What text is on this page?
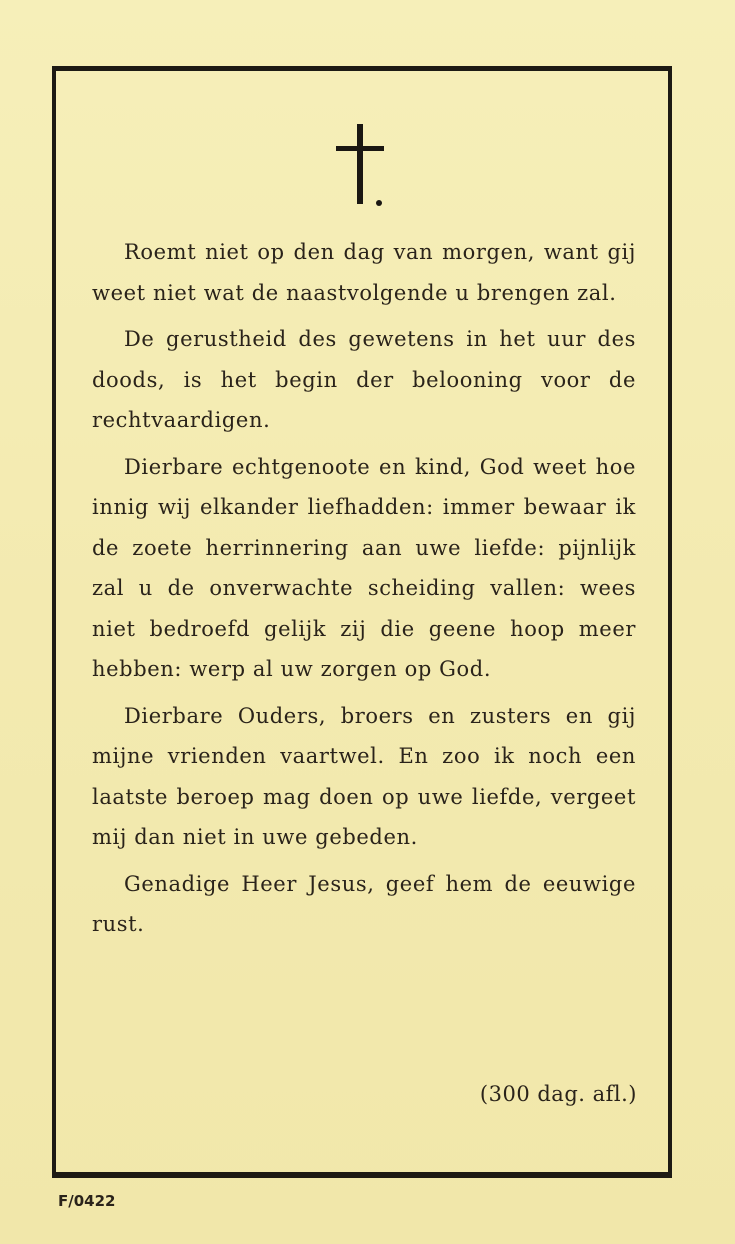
Roemt niet op den dag van morgen, want gij weet niet wat de naastvolgende u brengen zal.

De gerustheid des gewetens in het uur des doods, is het begin der belooning voor de rechtvaardigen.

Dierbare echtgenoote en kind, God weet hoe innig wij elkander liefhadden: immer bewaar ik de zoete herrinnering aan uwe liefde: pijnlijk zal u de onverwachte scheiding vallen: wees niet bedroefd gelijk zij die geene hoop meer hebben: werp al uw zorgen op God.

Dierbare Ouders, broers en zusters en gij mijne vrienden vaartwel. En zoo ik noch een laatste beroep mag doen op uwe liefde, vergeet mij dan niet in uwe gebeden.

Genadige Heer Jesus, geef hem de eeuwige rust.

(300 dag. afl.)
F/0422
